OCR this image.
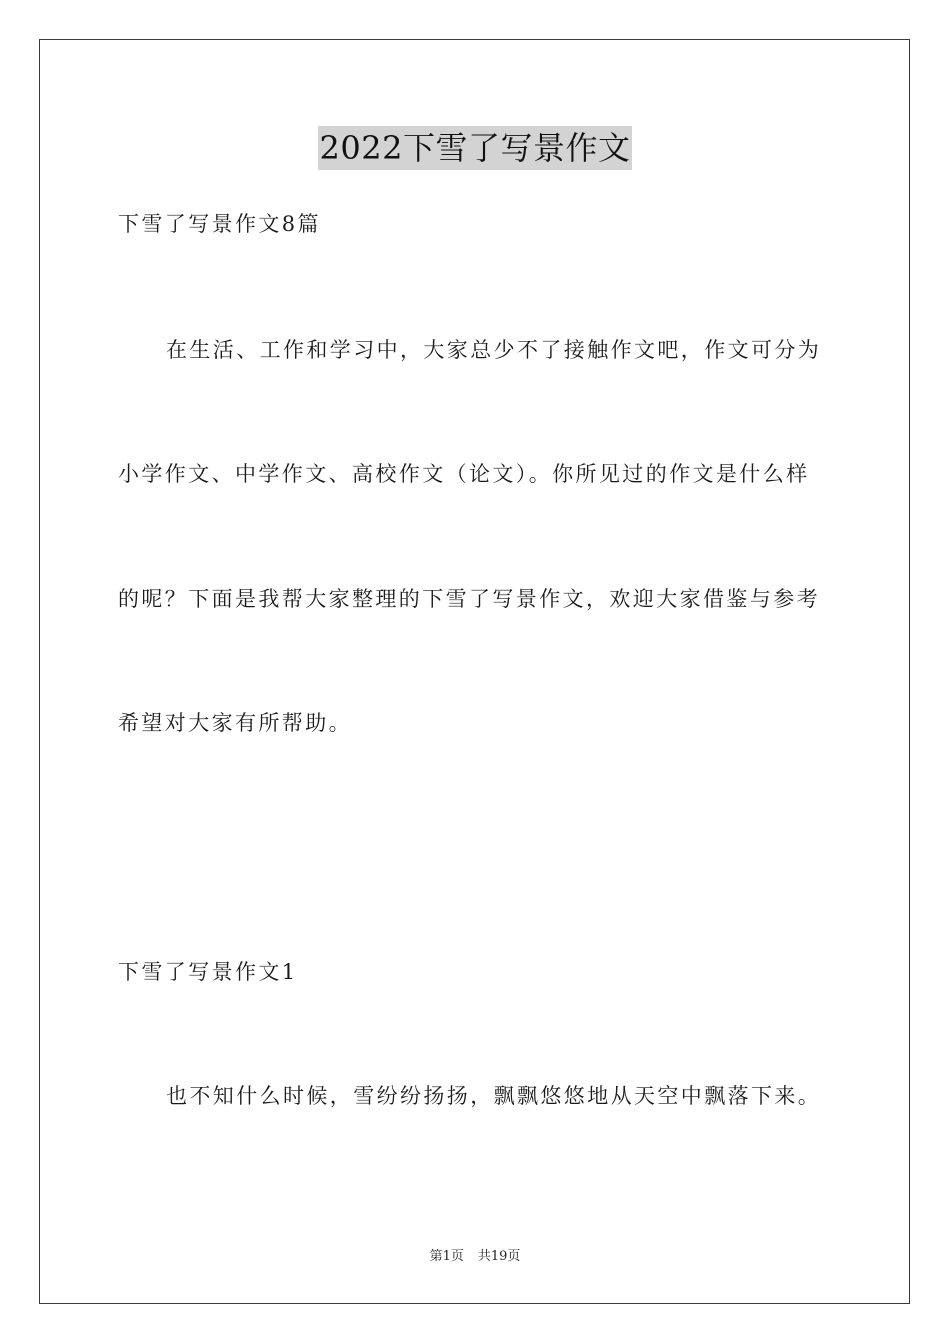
2022下雪了写景作文
下雪了写景作文8篇
在生活、工作和学习中，大家总少不了接触作文吧，作文可分为
小学作文、中学作文、高校作文（论文）。你所见过的作文是什么样
的呢？下面是我帮大家整理的下雪了写景作文，欢迎大家借鉴与参考
希望对大家有所帮助。
下雪了写景作文1
也不知什么时候，雪纷纷扬扬，飘飘悠悠地从天空中飘落下来。
第1页 共19页
